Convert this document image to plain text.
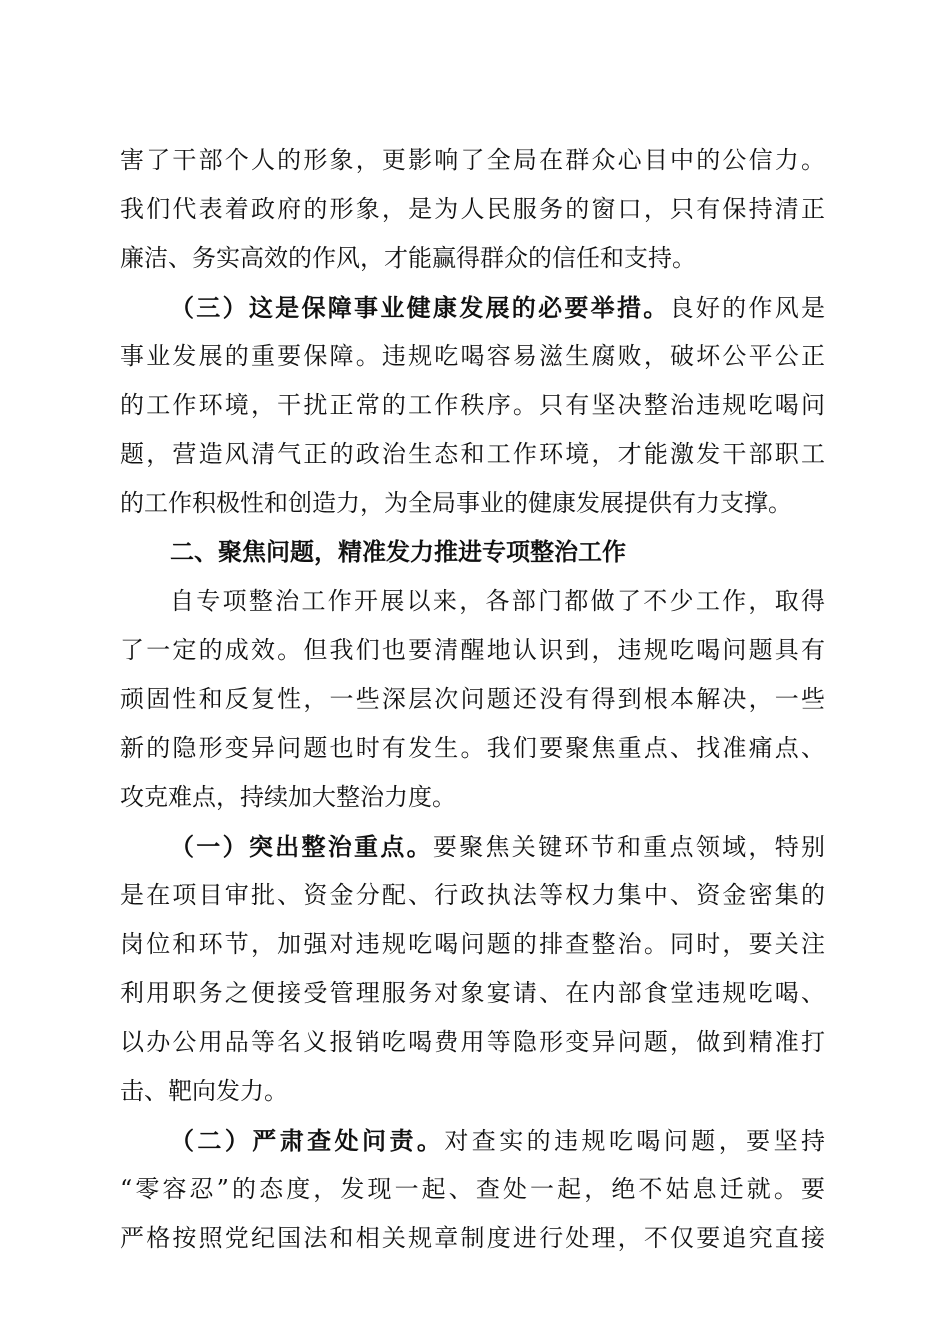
害了干部个人的形象，更影响了全局在群众心目中的公信力。
我们代表着政府的形象，是为人民服务的窗口，只有保持清正
廉洁、务实高效的作风，才能赢得群众的信任和支持。
（三）这是保障事业健康发展的必要举措。良好的作风是
事业发展的重要保障。违规吃喝容易滋生腐败，破坏公平公正
的工作环境，干扰正常的工作秩序。只有坚决整治违规吃喝问
题，营造风清气正的政治生态和工作环境，才能激发干部职工
的工作积极性和创造力，为全局事业的健康发展提供有力支撑。
二、聚焦问题，精准发力推进专项整治工作
自专项整治工作开展以来，各部门都做了不少工作，取得
了一定的成效。但我们也要清醒地认识到，违规吃喝问题具有
顽固性和反复性，一些深层次问题还没有得到根本解决，一些
新的隐形变异问题也时有发生。我们要聚焦重点、找准痛点、
攻克难点，持续加大整治力度。
（一）突出整治重点。要聚焦关键环节和重点领域，特别
是在项目审批、资金分配、行政执法等权力集中、资金密集的
岗位和环节，加强对违规吃喝问题的排查整治。同时，要关注
利用职务之便接受管理服务对象宴请、在内部食堂违规吃喝、
以办公用品等名义报销吃喝费用等隐形变异问题，做到精准打
击、靶向发力。
（二）严肃查处问责。对查实的违规吃喝问题，要坚持
“零容忍”的态度，发现一起、查处一起，绝不姑息迁就。要
严格按照党纪国法和相关规章制度进行处理，不仅要追究直接
